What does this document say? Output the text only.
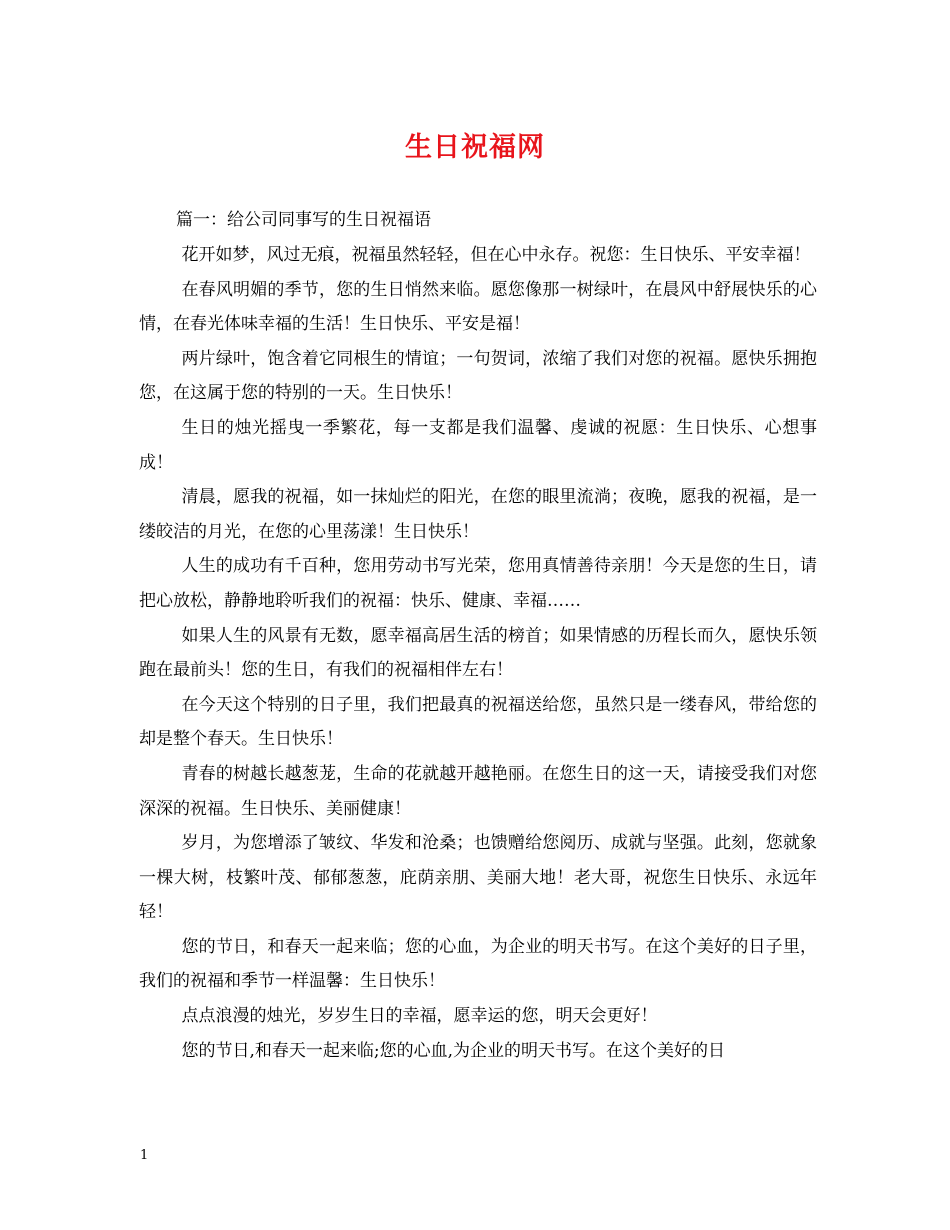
生日祝福网
篇一：给公司同事写的生日祝福语

花开如梦，风过无痕，祝福虽然轻轻，但在心中永存。祝您：生日快乐、平安幸福！

在春风明媚的季节，您的生日悄然来临。愿您像那一树绿叶，在晨风中舒展快乐的心情，在春光体味幸福的生活！生日快乐、平安是福！

两片绿叶，饱含着它同根生的情谊；一句贺词，浓缩了我们对您的祝福。愿快乐拥抱您，在这属于您的特别的一天。生日快乐！

生日的烛光摇曳一季繁花，每一支都是我们温馨、虔诚的祝愿：生日快乐、心想事成！

清晨，愿我的祝福，如一抹灿烂的阳光，在您的眼里流淌；夜晚，愿我的祝福，是一缕皎洁的月光，在您的心里荡漾！生日快乐！

人生的成功有千百种，您用劳动书写光荣，您用真情善待亲朋！今天是您的生日，请把心放松，静静地聆听我们的祝福：快乐、健康、幸福……

如果人生的风景有无数，愿幸福高居生活的榜首；如果情感的历程长而久，愿快乐领跑在最前头！您的生日，有我们的祝福相伴左右！

在今天这个特别的日子里，我们把最真的祝福送给您，虽然只是一缕春风，带给您的却是整个春天。生日快乐！

青春的树越长越葱茏，生命的花就越开越艳丽。在您生日的这一天，请接受我们对您深深的祝福。生日快乐、美丽健康！

岁月，为您增添了皱纹、华发和沧桑；也馈赠给您阅历、成就与坚强。此刻，您就象一棵大树，枝繁叶茂、郁郁葱葱，庇荫亲朋、美丽大地！老大哥，祝您生日快乐、永远年轻！

您的节日，和春天一起来临；您的心血，为企业的明天书写。在这个美好的日子里，我们的祝福和季节一样温馨：生日快乐！

点点浪漫的烛光，岁岁生日的幸福，愿幸运的您，明天会更好！

您的节日,和春天一起来临;您的心血,为企业的明天书写。在这个美好的日

1
